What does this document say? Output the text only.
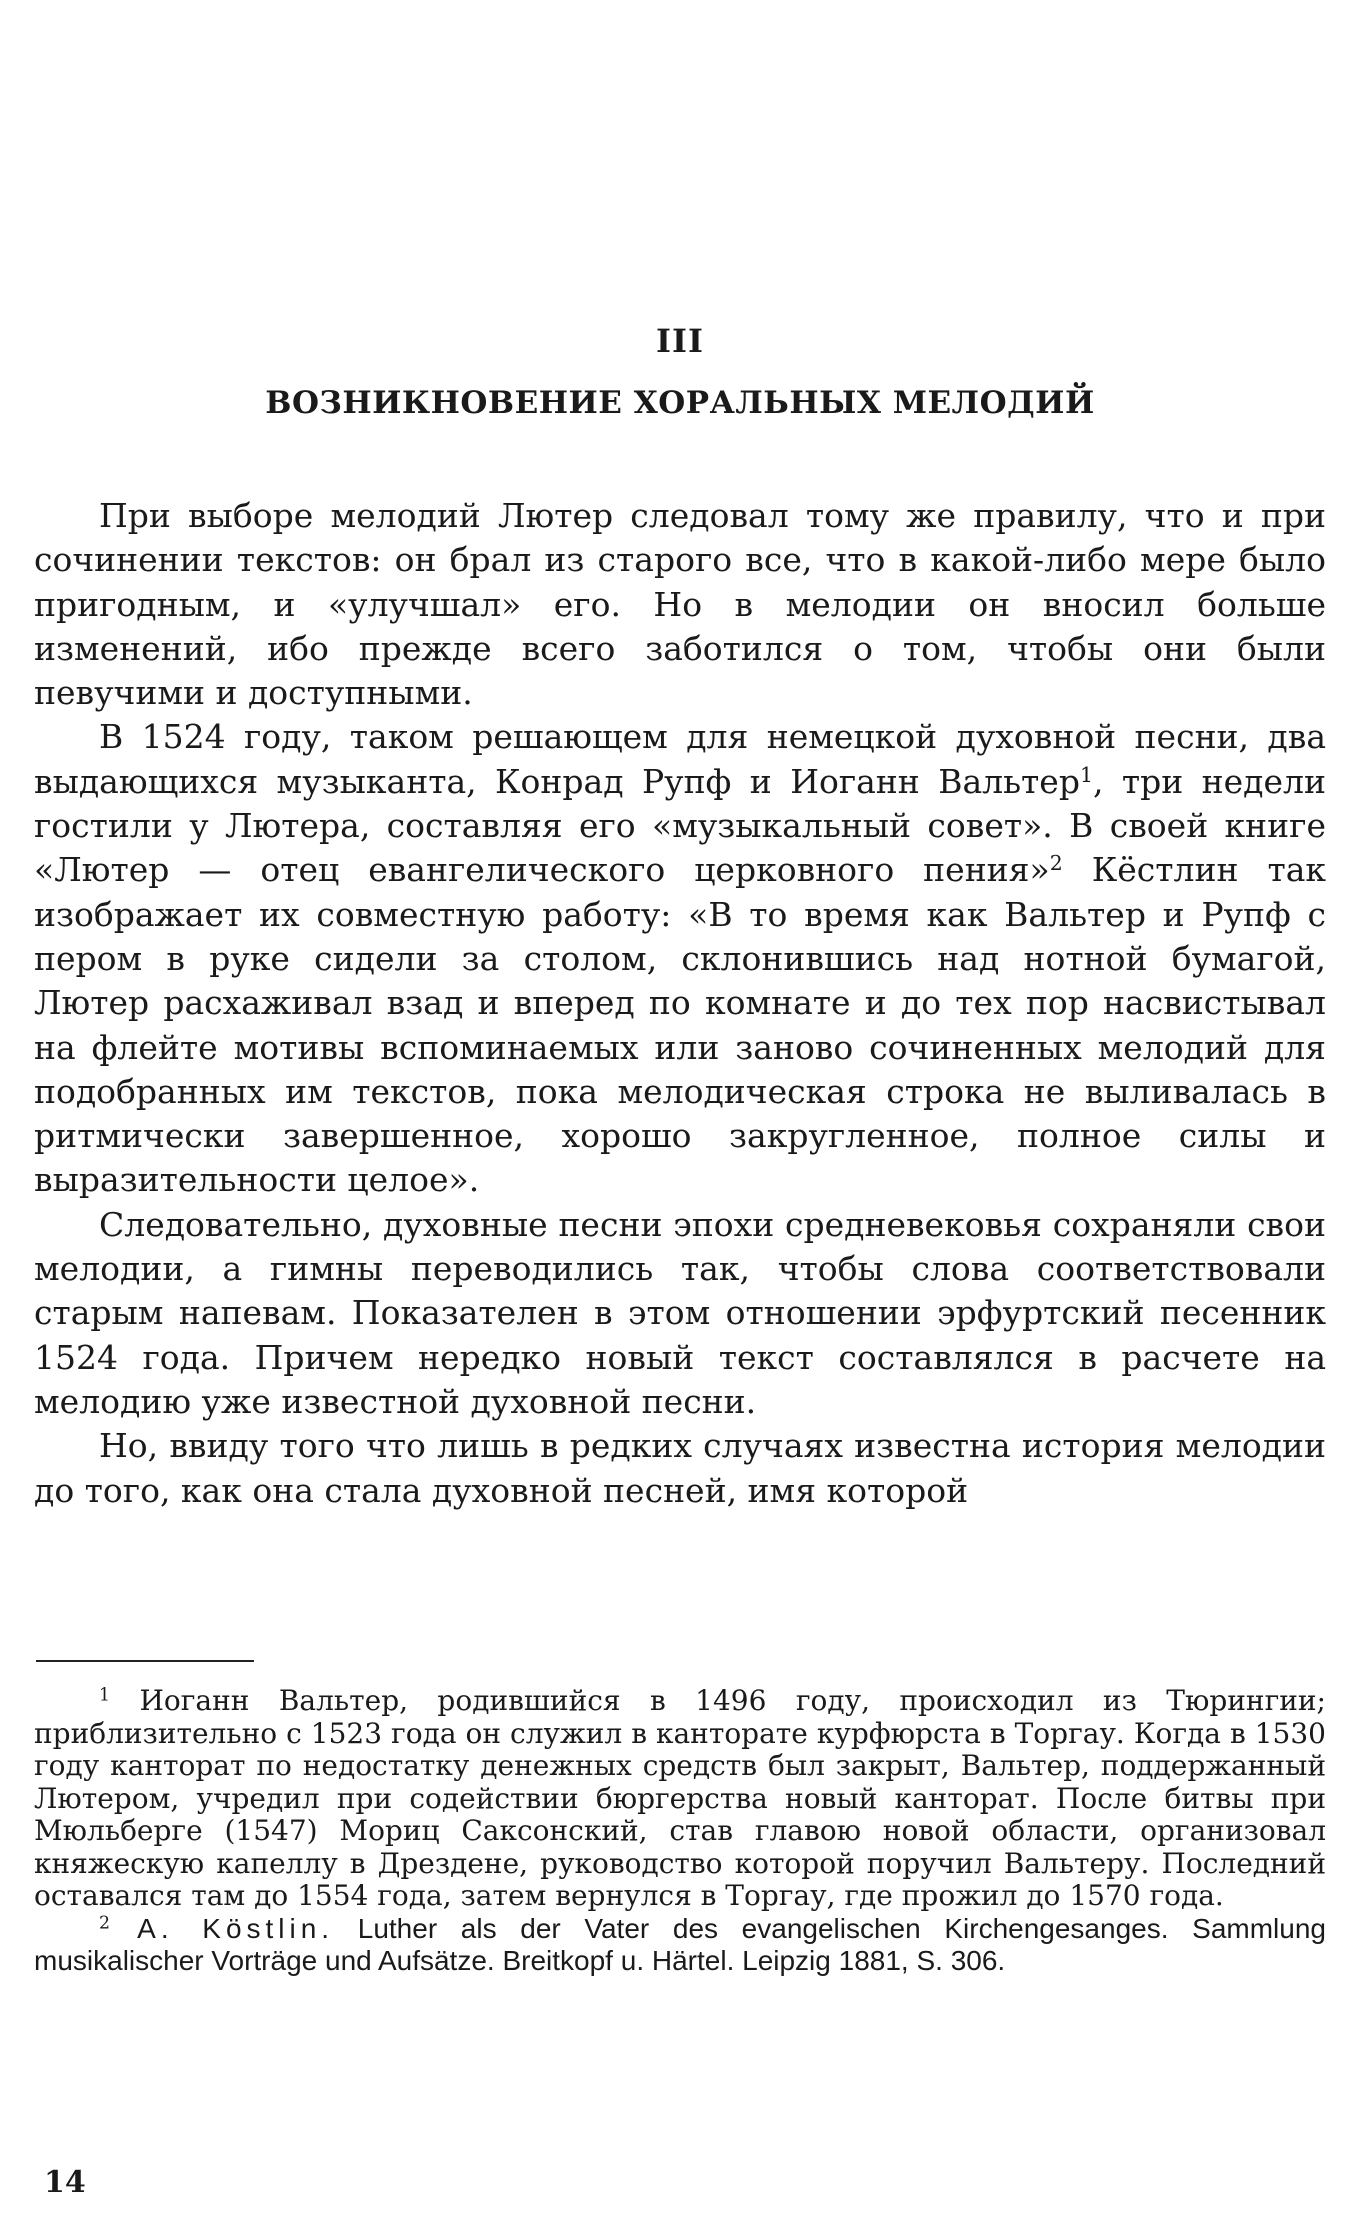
III
ВОЗНИКНОВЕНИЕ ХОРАЛЬНЫХ МЕЛОДИЙ

При выборе мелодий Лютер следовал тому же правилу, что и при сочинении текстов: он брал из старого все, что в какой-либо мере было пригодным, и «улучшал» его. Но в мелодии он вносил больше изменений, ибо прежде всего заботился о том, чтобы они были певучими и доступными.

В 1524 году, таком решающем для немецкой духовной песни, два выдающихся музыканта, Конрад Рупф и Иоганн Вальтер$^1$, три недели гостили у Лютера, составляя его «музыкальный совет». В своей книге «Лютер — отец евангелического церковного пения»$^2$ Кёстлин так изображает их совместную работу: «В то время как Вальтер и Рупф с пером в руке сидели за столом, склонившись над нотной бумагой, Лютер расхаживал взад и вперед по комнате и до тех пор насвистывал на флейте мотивы вспоминаемых или заново сочиненных мелодий для подобранных им текстов, пока мелодическая строка не выливалась в ритмически завершенное, хорошо закругленное, полное силы и выразительности целое».

Следовательно, духовные песни эпохи средневековья сохраняли свои мелодии, а гимны переводились так, чтобы слова соответствовали старым напевам. Показателен в этом отношении эрфуртский песенник 1524 года. Причем нередко новый текст составлялся в расчете на мелодию уже известной духовной песни.

Но, ввиду того что лишь в редких случаях известна история мелодии до того, как она стала духовной песней, имя которой

$^1$ Иоганн Вальтер, родившийся в 1496 году, происходил из Тюрингии; приблизительно с 1523 года он служил в канторате курфюрста в Торгау. Когда в 1530 году канторат по недостатку денежных средств был закрыт, Вальтер, поддержанный Лютером, учредил при содействии бюргерства новый канторат. После битвы при Мюльберге (1547) Мориц Саксонский, став главою новой области, организовал княжескую капеллу в Дрездене, руководство которой поручил Вальтеру. Последний оставался там до 1554 года, затем вернулся в Торгау, где прожил до 1570 года.

$^2$ A. Köstlin. Luther als der Vater des evangelischen Kirchengesanges. Sammlung musikalischer Vorträge und Aufsätze. Breitkopf u. Härtel. Leipzig 1881, S. 306.

14
